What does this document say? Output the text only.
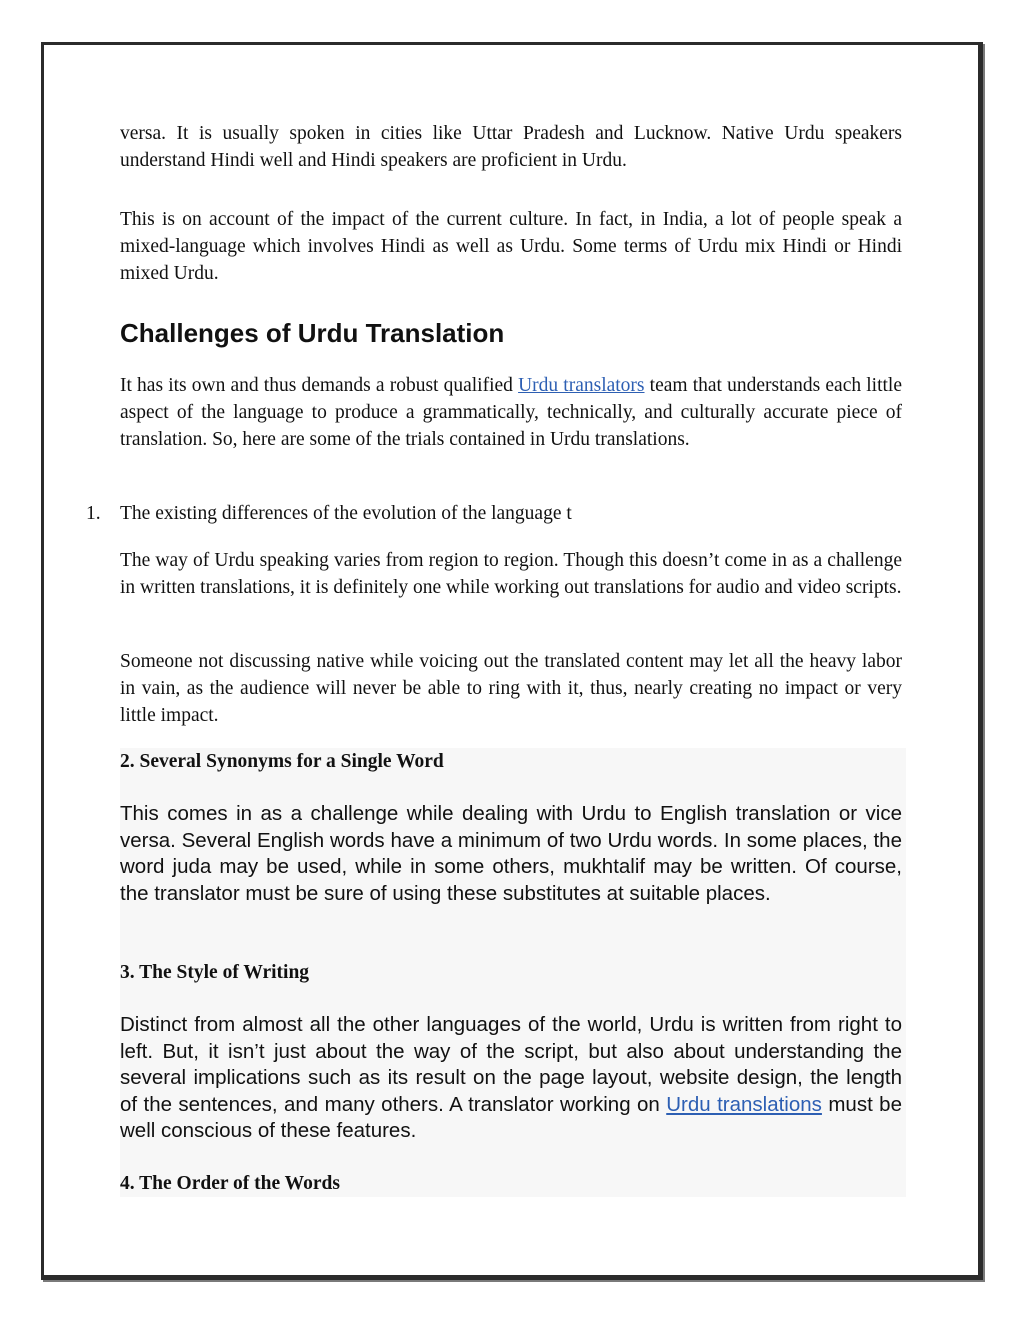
versa. It is usually spoken in cities like Uttar Pradesh and Lucknow. Native Urdu speakers understand Hindi well and Hindi speakers are proficient in Urdu.

This is on account of the impact of the current culture. In fact, in India, a lot of people speak a mixed-language which involves Hindi as well as Urdu. Some terms of Urdu mix Hindi or Hindi mixed Urdu.

Challenges of Urdu Translation

It has its own and thus demands a robust qualified Urdu translators team that understands each little aspect of the language to produce a grammatically, technically, and culturally accurate piece of translation. So, here are some of the trials contained in Urdu translations.

1. The existing differences of the evolution of the language t

The way of Urdu speaking varies from region to region. Though this doesn’t come in as a challenge in written translations, it is definitely one while working out translations for audio and video scripts.

Someone not discussing native while voicing out the translated content may let all the heavy labor in vain, as the audience will never be able to ring with it, thus, nearly creating no impact or very little impact.

2. Several Synonyms for a Single Word

This comes in as a challenge while dealing with Urdu to English translation or vice versa. Several English words have a minimum of two Urdu words. In some places, the word juda may be used, while in some others, mukhtalif may be written. Of course, the translator must be sure of using these substitutes at suitable places.

3. The Style of Writing

Distinct from almost all the other languages of the world, Urdu is written from right to left. But, it isn’t just about the way of the script, but also about understanding the several implications such as its result on the page layout, website design, the length of the sentences, and many others. A translator working on Urdu translations must be well conscious of these features.

4. The Order of the Words
